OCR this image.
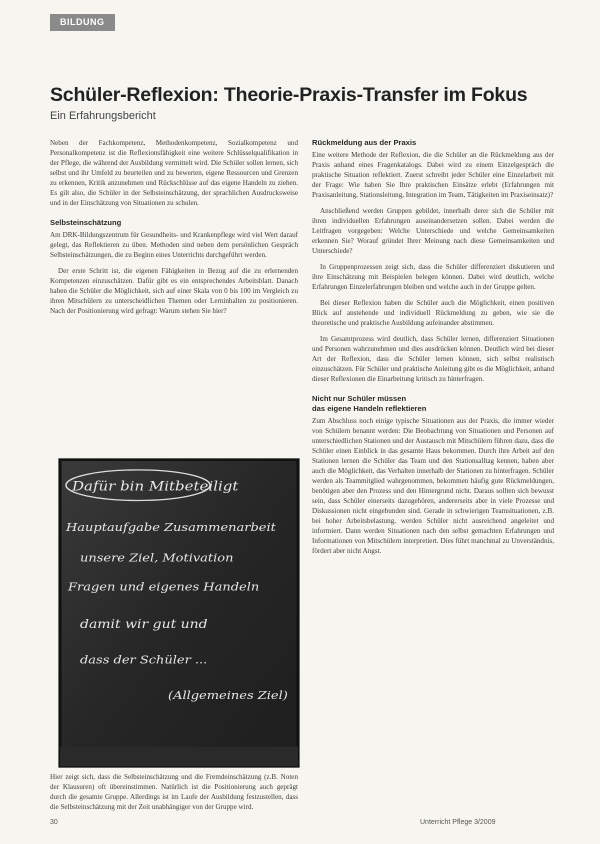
BILDUNG
Schüler-Reflexion: Theorie-Praxis-Transfer im Fokus

Ein Erfahrungsbericht

Neben der Fachkompetenz, Methodenkompetenz, Sozialkompetenz und Personalkompetenz ist die Reflexionsfähigkeit eine weitere Schlüsselqualifikation in der Pflege, die während der Ausbildung vermittelt wird. Die Schüler sollen lernen, sich selbst und ihr Umfeld zu beurteilen und zu bewerten, eigene Ressourcen und Grenzen zu erkennen, Kritik anzunehmen und Rückschlüsse auf das eigene Handeln zu ziehen. Es gilt also, die Schüler in der Selbsteinschätzung, der sprachlichen Ausdrucksweise und in der Einschätzung von Situationen zu schulen.

Selbsteinschätzung

Am DRK-Bildungszentrum für Gesundheits- und Krankenpflege wird viel Wert darauf gelegt, das Reflektieren zu üben. Methoden sind neben dem persönlichen Gespräch Selbsteinschätzungen, die zu Beginn eines Unterrichts durchgeführt werden.

Der erste Schritt ist, die eigenen Fähigkeiten in Bezug auf die zu erlernenden Kompetenzen einzuschätzen. Dafür gibt es ein entsprechendes Arbeitsblatt. Danach haben die Schüler die Möglichkeit, sich auf einer Skala von 0 bis 100 im Vergleich zu ihren Mitschülern zu unterscheidlichen Themen oder Lerninhalten zu positionieren. Nach der Positionierung wird gefragt: Warum stehen Sie hier?

Dafür bin Mitbeteiligt
Hauptaufgabe Zusammenarbeit
unsere Ziel, Motivation
Fragen und eigenes Handeln
damit wir gut und
dass der Schüler ...
(Allgemeines Ziel)
Hier zeigt sich, dass die Selbsteinschätzung und die Fremdeinschätzung (z.B. Noten der Klausuren) oft übereinstimmen. Natürlich ist die Positionierung auch geprägt durch die gesamte Gruppe. Allerdings ist im Laufe der Ausbildung festzustellen, dass die Selbsteinschätzung mit der Zeit unabhängiger von der Gruppe wird.
Rückmeldung aus der Praxis

Eine weitere Methode der Reflexion, die die Schüler an die Rückmeldung aus der Praxis anhand eines Fragenkatalogs. Dabei wird zu einem Einzelgespräch die praktische Situation reflektiert. Zuerst schreibt jeder Schüler eine Einzelarbeit mit der Frage: Wie haben Sie Ihre praktischen Einsätze erlebt (Erfahrungen mit Praxisanleitung, Stationsleitung, Integration im Team, Tätigkeiten im Praxiseinsatz)?

Anschließend werden Gruppen gebildet, innerhalb derer sich die Schüler mit ihren individuellen Erfahrungen auseinandersetzen sollen. Dabei werden die Leitfragen vorgegeben: Welche Unterschiede und welche Gemeinsamkeiten erkennen Sie? Worauf gründet Ihrer Meinung nach diese Gemeinsamkeiten und Unterschiede?

In Gruppenprozessen zeigt sich, dass die Schüler differenziert diskutieren und ihre Einschätzung mit Beispielen belegen können. Dabei wird deutlich, welche Erfahrungen Einzelerfahrungen bleiben und welche auch in der Gruppe gelten.

Bei dieser Reflexion haben die Schüler auch die Möglichkeit, einen positiven Blick auf anstehende und individuell Rückmeldung zu geben, wie sie die theoretische und praktische Ausbildung aufeinander abstimmen.

Im Gesamtprozess wird deutlich, dass Schüler lernen, differenziert Situationen und Personen wahrzunehmen und dies ausdrücken können. Deutlich wird bei dieser Art der Reflexion, dass die Schüler lernen können, sich selbst realistisch einzuschätzen. Für Schüler und praktische Anleitung gibt es die Möglichkeit, anhand dieser Reflexionen die Einarbeitung kritisch zu hinterfragen.

Nicht nur Schüler müssen
das eigene Handeln reflektieren

Zum Abschluss noch einige typische Situationen aus der Praxis, die immer wieder von Schülern benannt werden: Die Beobachtung von Situationen und Personen auf unterschiedlichen Stationen und der Austausch mit Mitschülern führen dazu, dass die Schüler einen Einblick in das gesamte Haus bekommen. Durch ihre Arbeit auf den Stationen lernen die Schüler das Team und den Stationsalltag kennen, haben aber auch die Möglichkeit, das Verhalten innerhalb der Stationen zu hinterfragen. Schüler werden als Teammitglied wahrgenommen, bekommen häufig gute Rückmeldungen, benötigen aber den Prozess und den Hintergrund nicht. Daraus sollten sich bewusst sein, dass Schüler einerseits dazugehören, andererseits aber in viele Prozesse und Diskussionen nicht eingebunden sind. Gerade in schwierigen Teamsituationen, z.B. bei hoher Arbeitsbelastung, werden Schüler nicht ausreichend angeleitet und informiert. Dann werden Situationen nach den selbst gemachten Erfahrungen und Informationen von Mitschülern interpretiert. Dies führt manchmal zu Unverständnis, fördert aber nicht Angst.

30	Unterricht Pflege 3/2009
